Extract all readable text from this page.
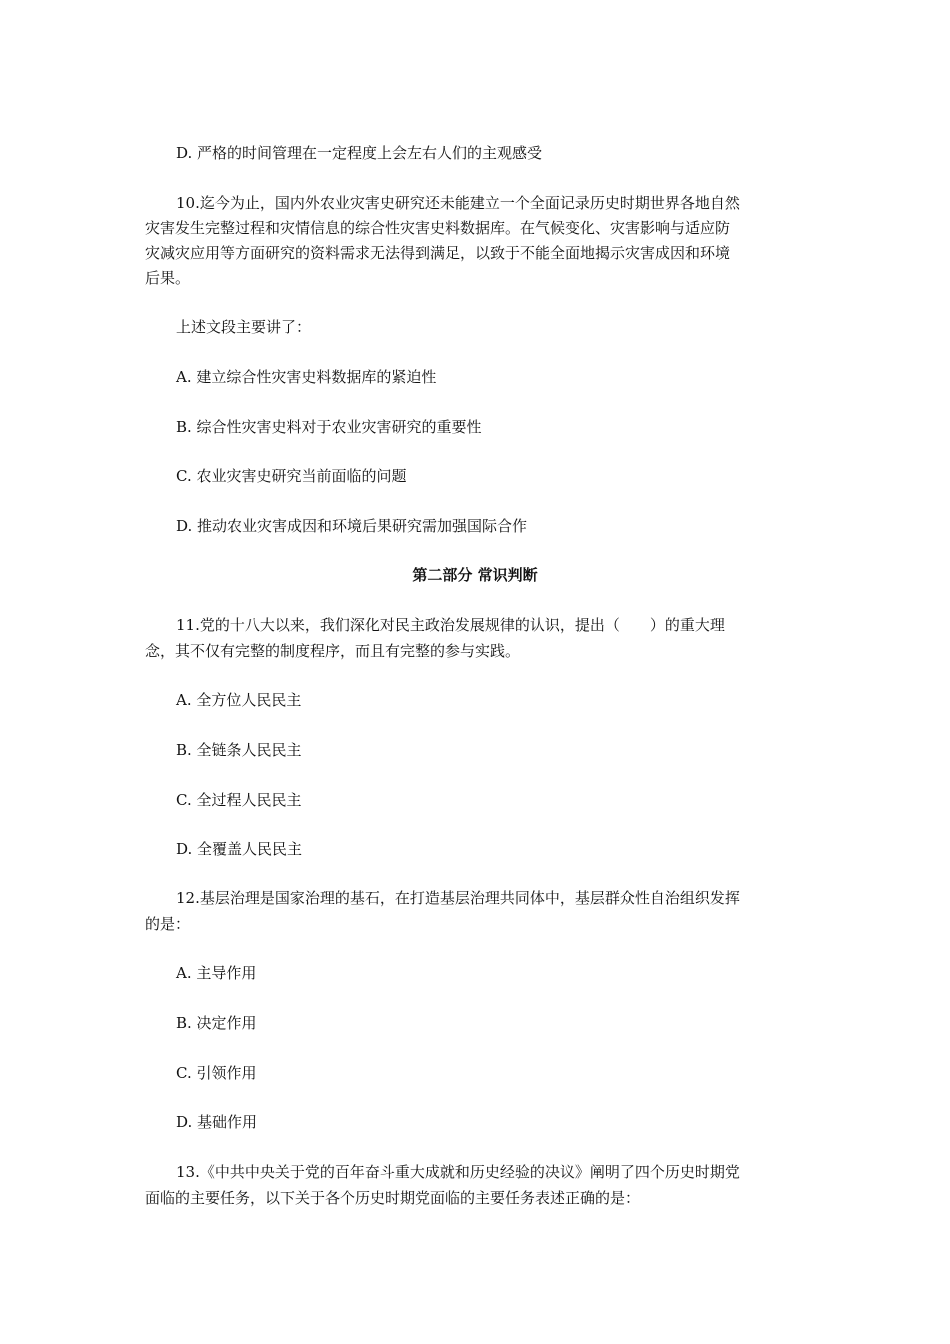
D. 严格的时间管理在一定程度上会左右人们的主观感受
10.迄今为止，国内外农业灾害史研究还未能建立一个全面记录历史时期世界各地自然
灾害发生完整过程和灾情信息的综合性灾害史料数据库。在气候变化、灾害影响与适应防
灾减灾应用等方面研究的资料需求无法得到满足，以致于不能全面地揭示灾害成因和环境
后果。
上述文段主要讲了：
A. 建立综合性灾害史料数据库的紧迫性
B. 综合性灾害史料对于农业灾害研究的重要性
C. 农业灾害史研究当前面临的问题
D. 推动农业灾害成因和环境后果研究需加强国际合作
第二部分 常识判断
11.党的十八大以来，我们深化对民主政治发展规律的认识，提出（　　）的重大理
念，其不仅有完整的制度程序，而且有完整的参与实践。
A. 全方位人民民主
B. 全链条人民民主
C. 全过程人民民主
D. 全覆盖人民民主
12.基层治理是国家治理的基石，在打造基层治理共同体中，基层群众性自治组织发挥
的是：
A. 主导作用
B. 决定作用
C. 引领作用
D. 基础作用
13.《中共中央关于党的百年奋斗重大成就和历史经验的决议》阐明了四个历史时期党
面临的主要任务，以下关于各个历史时期党面临的主要任务表述正确的是：
